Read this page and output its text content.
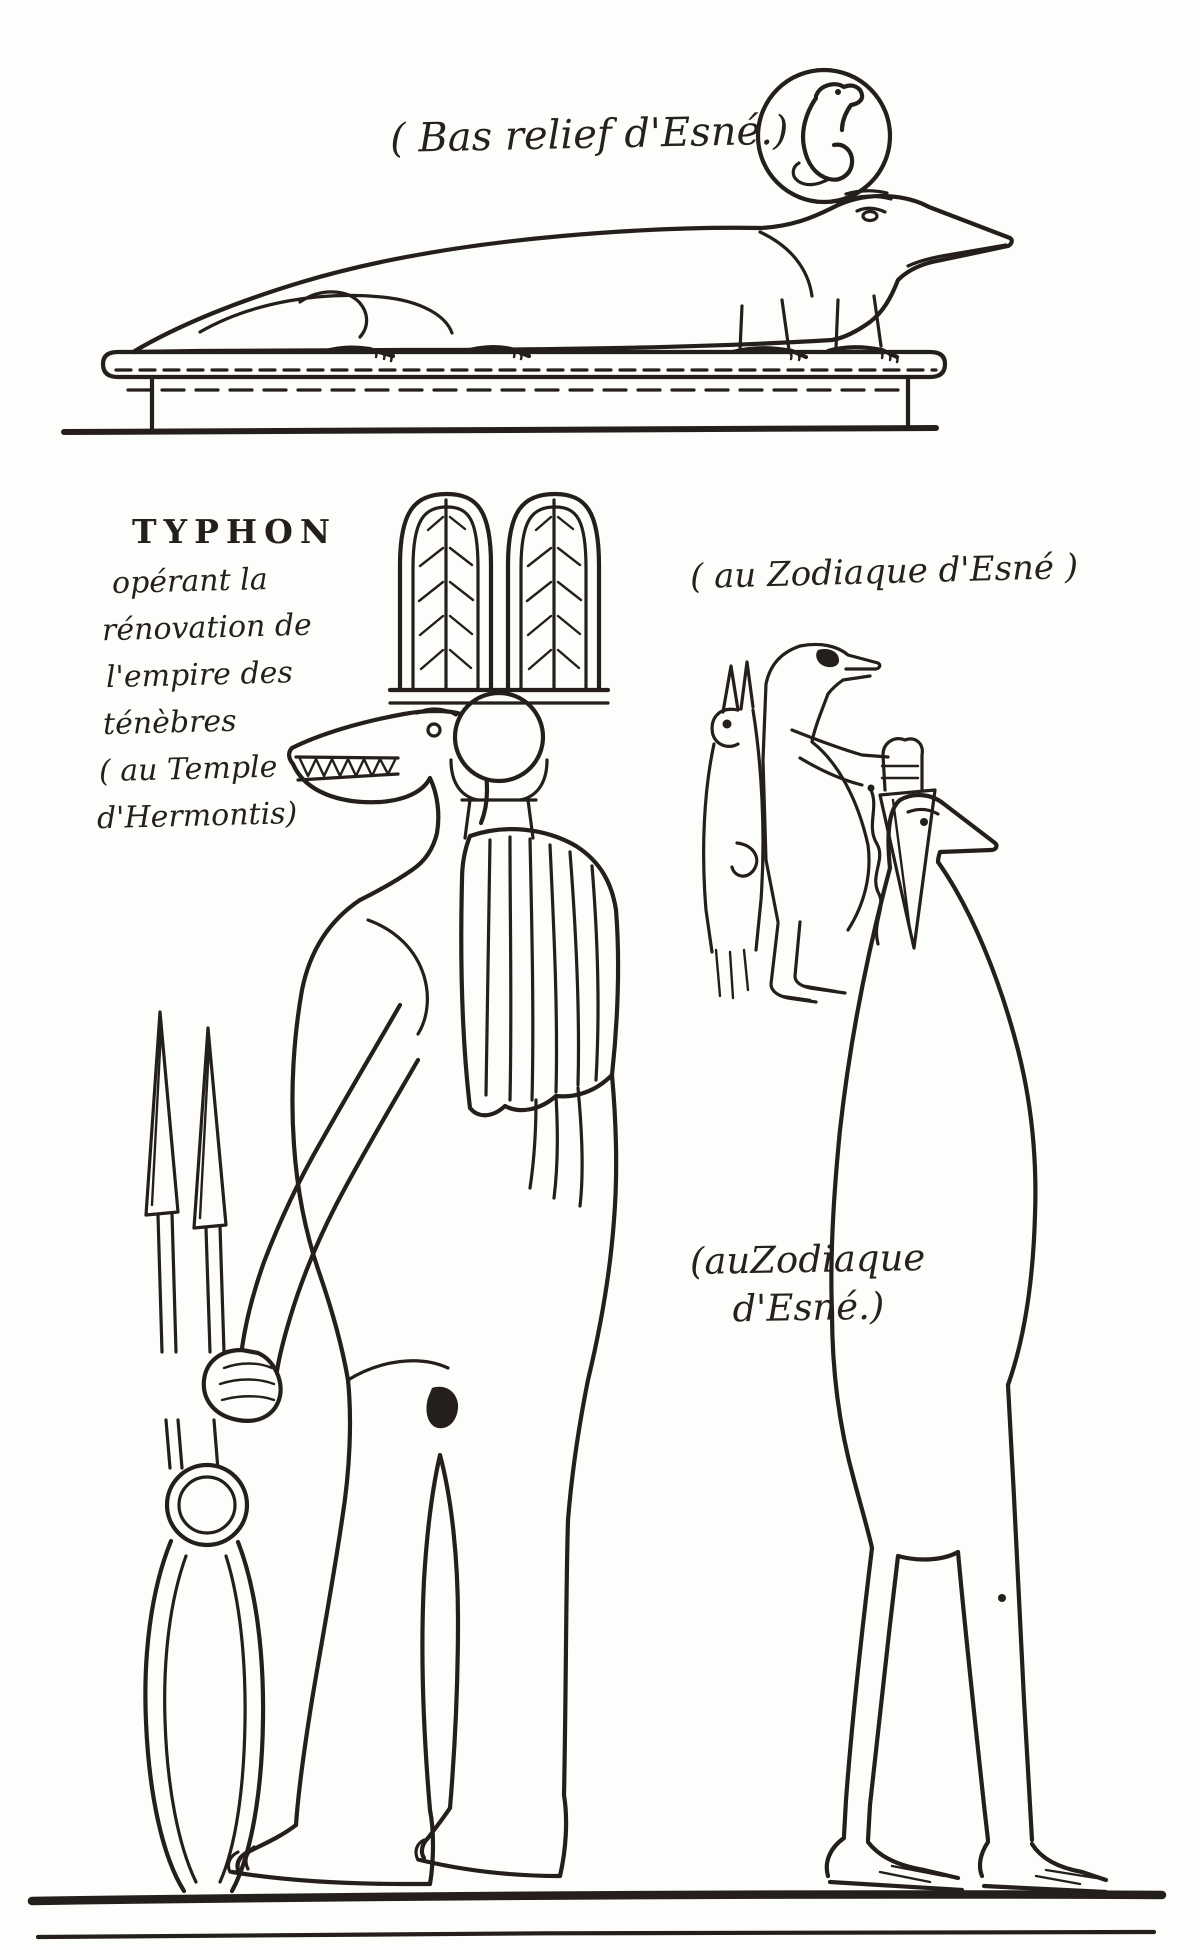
( Bas relief d'Esné.)
TYPHON
opérant la
rénovation de
l'empire des
ténèbres
( au Temple
d'Hermontis)
( au Zodiaque d'Esné )
(auZodiaque
d'Esné.)
